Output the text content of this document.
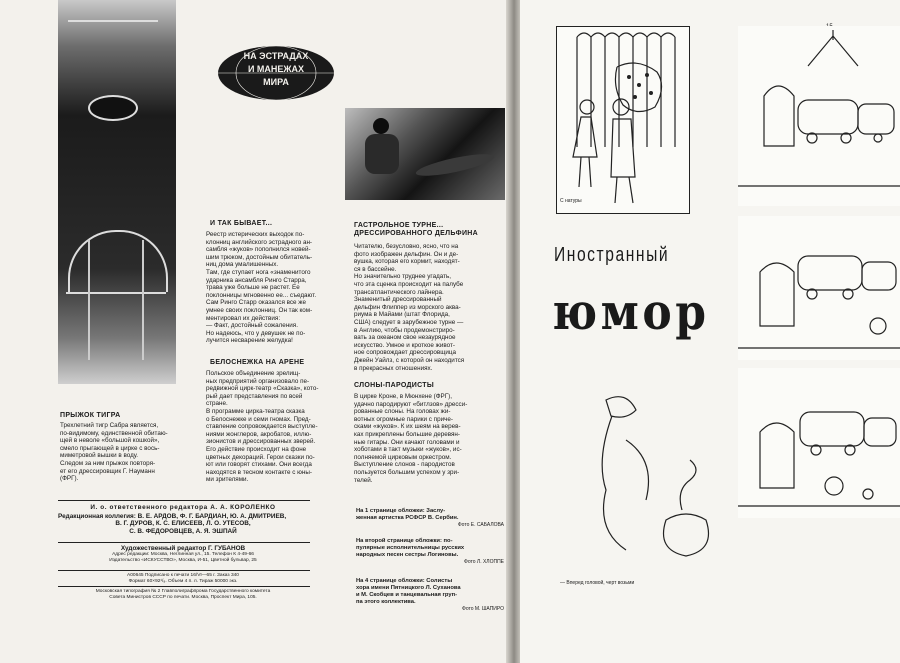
НА ЭСТРАДАХ
И МАНЕЖАХ
МИРА
ПРЫЖОК ТИГРА
Трехлетний тигр Сабра является,
по-видимому, единственной обитаю-
щей в неволе «большой кошкой»,
смело прыгающей в цирке с вось-
миметровой вышки в воду.
Следом за ним прыжок повторя-
ет его дрессировщик Г. Науманн
(ФРГ).
И ТАК БЫВАЕТ...
Реестр истерических выходок по-
клонниц английского эстрадного ан-
самбля «жуков» пополнился новей-
шим трюком, достойным обитатель-
ниц дома умалишенных.
Там, где ступает нога «знаменитого
ударника ансамбля Ринго Старра,
трава уже больше не растет. Ее
поклонницы мгновенно ее... съедают.
Сам Ринго Старр оказался все же
умнее своих поклонниц. Он так ком-
ментировал их действия:
— Факт, достойный сожаления.
Но надеюсь, что у девушек не по-
лучится несварение желудка!
БЕЛОСНЕЖКА НА АРЕНЕ
Польское объединение зрелищ-
ных предприятий организовало пе-
редвижной цирк-театр «Сказка», кото-
рый дает представления по всей
стране.
В программе цирка-театра сказка
о Белоснежке и семи гномах. Пред-
ставление сопровождается выступле-
ниями жонглеров, акробатов, иллю-
зионистов и дрессированных зверей.
Его действие происходит на фоне
цветных декораций. Герои сказки по-
ют или говорят стихами. Они всегда
находятся в тесном контакте с юны-
ми зрителями.
ГАСТРОЛЬНОЕ ТУРНЕ...
ДРЕССИРОВАННОГО ДЕЛЬФИНА
Читателю, безусловно, ясно, что на
фото изображен дельфин. Он и де-
вушка, которая его кормит, находят-
ся в бассейне.
Но значительно труднее угадать,
что эта сценка происходит на палубе
трансатлантического лайнера.
Знаменитый дрессированный
дельфин Флиппер из морского аква-
риума в Майами (штат Флорида,
США) следует в зарубежное турне —
в Англию, чтобы продемонстриро-
вать за океаном свое незаурядное
искусство. Умное и кроткое живот-
ное сопровождает дрессировщица
Джейн Уайлз, с которой он находится
в прекрасных отношениях.
СЛОНЫ-ПАРОДИСТЫ
В цирке Кроне, в Мюнхене (ФРГ),
удачно пародируют «битлзов» дресси-
рованные слоны. На головах жи-
вотных огромные парики с приче-
сками «жуков». К их шеям на верев-
ках прикреплены большие деревян-
ные гитары. Они качают головами и
хоботами в такт музыки «жуков», ис-
полняемой цирковым оркестром.
Выступление слонов - пародистов
пользуется большим успехом у зри-
телей.

И. о. ответственного редактора А. А. КОРОЛЕНКО

Редакционная коллегия: В. Е. АРДОВ, Ф. Г. БАРДИАН, Ю. А. ДМИТРИЕВ,

В. Г. ДУРОВ, К. С. ЕЛИСЕЕВ, Л. О. УТЕСОВ,

С. В. ФЕДОРОВЦЕВ, А. Я. ЭШПАЙ

Художественный редактор Г. ГУБАНОВ

Адрес редакции: Москва, Неглинная ул., 15. Телефон К 4-49-66

Издательство «ИСКУССТВО», Москва, И-51, Цветной бульвар, 25

А00645 Подписано к печати 16/VI—65 г. Заказ 340

Формат 60×92¹/₈. Объем 4 п. л. Тираж 50000 экз.

Московская типография № 2 Главполиграфпрома Государственного комитета

Совета Министров СССР по печати. Москва, Проспект Мира, 105.

На 1 странице обложки: Заслу-
женная артистка РСФСР В. Сербин.
Фото Е. САБАЛОВА
На второй странице обложки: по-
пулярные исполнительницы русских
народных песен сестры Логиновы.
Фото Л. ХЛОППЕ
На 4 странице обложки: Солисты
хора имени Пятницкого Л. Суханова
и М. Скобцев и танцевальная груп-
па этого коллектива.
Фото М. ШАПИРО
15
С натуры
Иностранный
юмор
— Вперед головой, черт возьми
